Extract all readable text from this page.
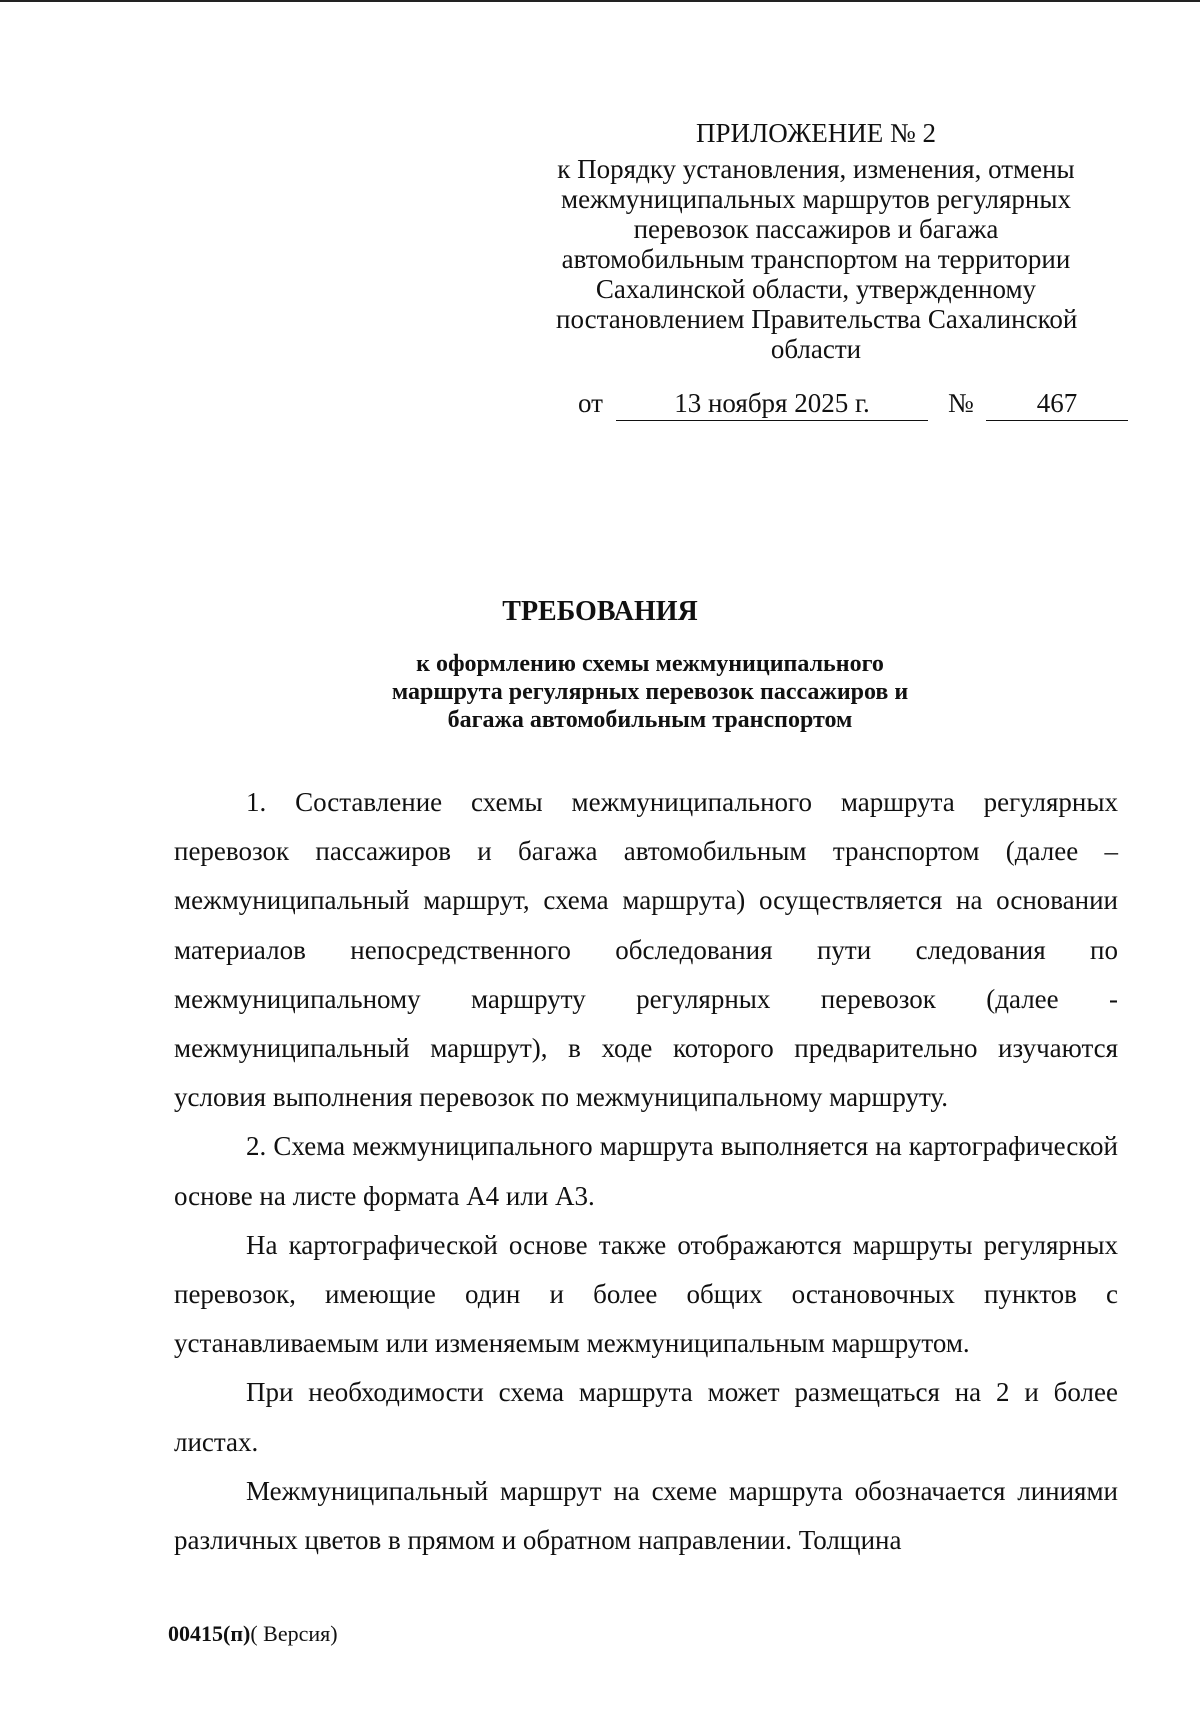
ПРИЛОЖЕНИЕ № 2
к Порядку установления, изменения, отмены
межмуниципальных маршрутов регулярных
перевозок пассажиров и багажа
автомобильным транспортом на территории
Сахалинской области, утвержденному
постановлением Правительства Сахалинской
области
от	13 ноября 2025 г.	№	467
ТРЕБОВАНИЯ
к оформлению схемы межмуниципального
маршрута регулярных перевозок пассажиров и
багажа автомобильным транспортом

1. Составление схемы межмуниципального маршрута регулярных перевозок пассажиров и багажа автомобильным транспортом (далее – межмуниципальный маршрут, схема маршрута) осуществляется на основании материалов непосредственного обследования пути следования по межмуниципальному маршруту регулярных перевозок (далее - межмуниципальный маршрут), в ходе которого предварительно изучаются условия выполнения перевозок по межмуниципальному маршруту.

2. Схема межмуниципального маршрута выполняется на картографической основе на листе формата А4 или А3.

На картографической основе также отображаются маршруты регулярных перевозок, имеющие один и более общих остановочных пунктов с устанавливаемым или изменяемым межмуниципальным маршрутом.

При необходимости схема маршрута может размещаться на 2 и более листах.

Межмуниципальный маршрут на схеме маршрута обозначается линиями различных цветов в прямом и обратном направлении. Толщина

00415(п)( Версия)
